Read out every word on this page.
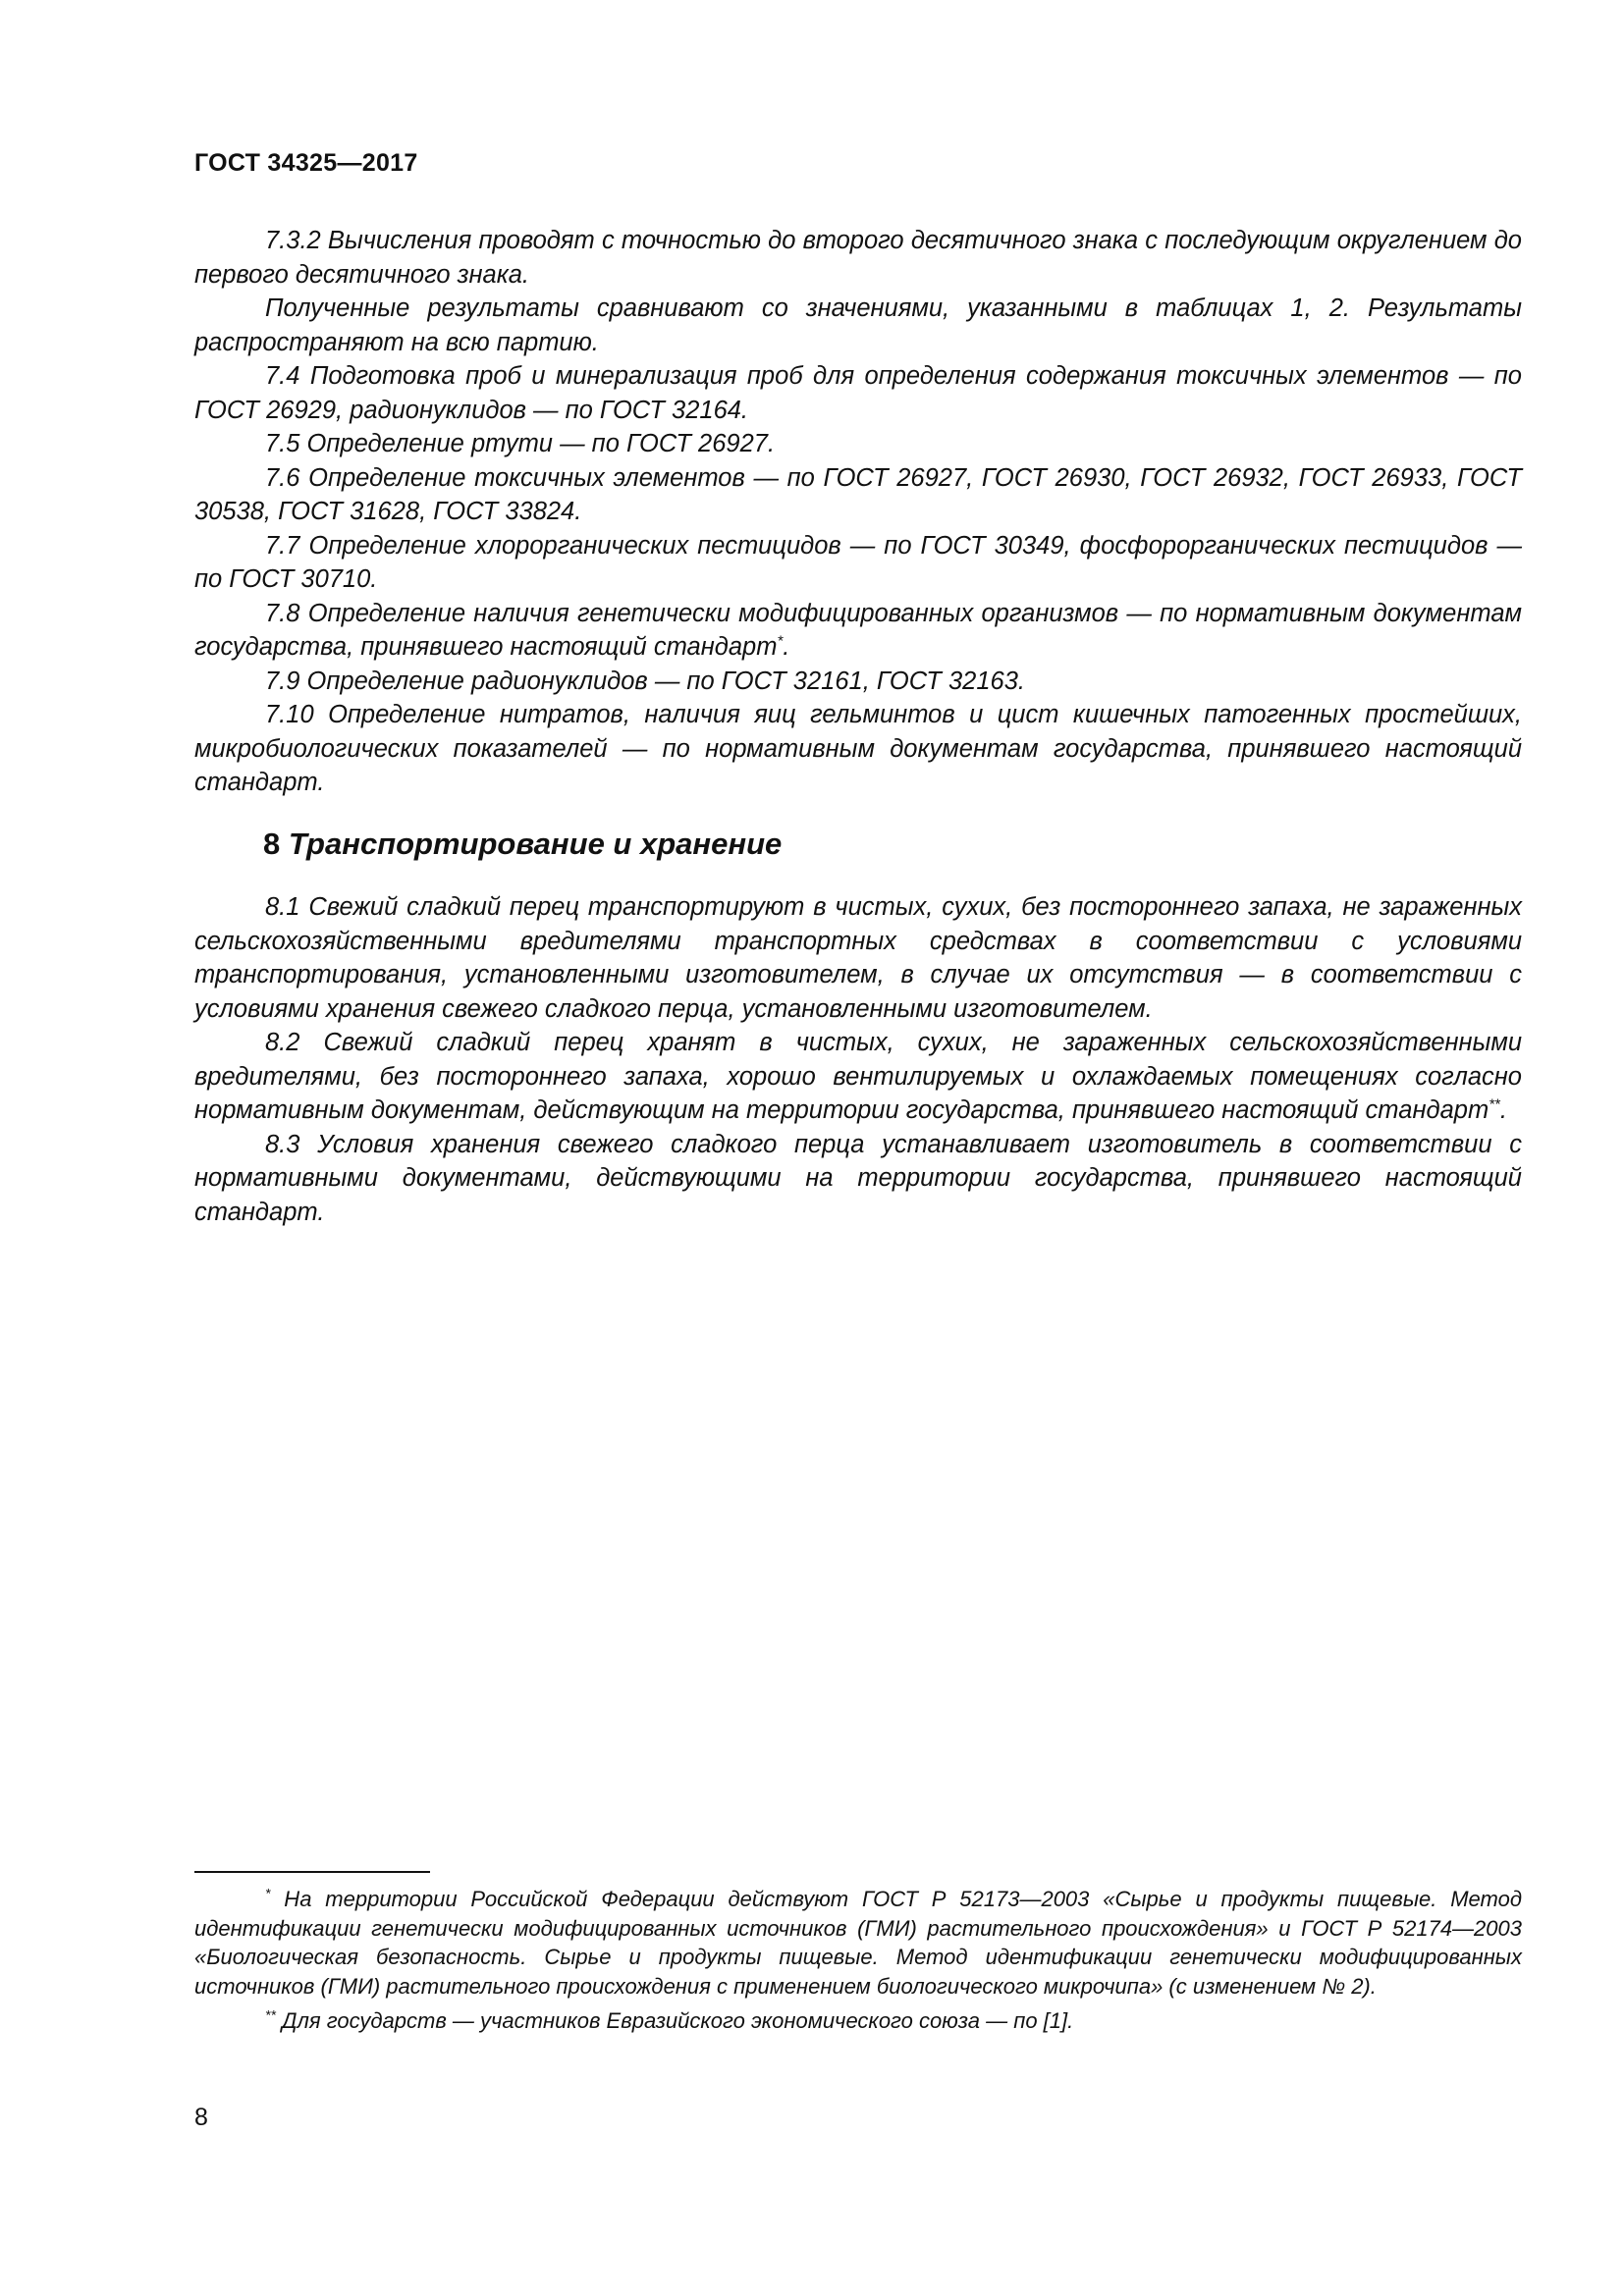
ГОСТ 34325—2017

7.3.2 Вычисления проводят с точностью до второго десятичного знака с последующим округлением до первого десятичного знака.

Полученные результаты сравнивают со значениями, указанными в таблицах 1, 2. Результаты распространяют на всю партию.

7.4 Подготовка проб и минерализация проб для определения содержания токсичных элементов — по ГОСТ 26929, радионуклидов — по ГОСТ 32164.

7.5 Определение ртути — по ГОСТ 26927.

7.6 Определение токсичных элементов — по ГОСТ 26927, ГОСТ 26930, ГОСТ 26932, ГОСТ 26933, ГОСТ 30538, ГОСТ 31628, ГОСТ 33824.

7.7 Определение хлорорганических пестицидов — по ГОСТ 30349, фосфорорганических пестицидов — по ГОСТ 30710.

7.8 Определение наличия генетически модифицированных организмов — по нормативным документам государства, принявшего настоящий стандарт*.

7.9 Определение радионуклидов — по ГОСТ 32161, ГОСТ 32163.

7.10 Определение нитратов, наличия яиц гельминтов и цист кишечных патогенных простейших, микробиологических показателей — по нормативным документам государства, принявшего настоящий стандарт.

8 Транспортирование и хранение

8.1 Свежий сладкий перец транспортируют в чистых, сухих, без постороннего запаха, не зараженных сельскохозяйственными вредителями транспортных средствах в соответствии с условиями транспортирования, установленными изготовителем, в случае их отсутствия — в соответствии с условиями хранения свежего сладкого перца, установленными изготовителем.

8.2 Свежий сладкий перец хранят в чистых, сухих, не зараженных сельскохозяйственными вредителями, без постороннего запаха, хорошо вентилируемых и охлаждаемых помещениях согласно нормативным документам, действующим на территории государства, принявшего настоящий стандарт**.

8.3 Условия хранения свежего сладкого перца устанавливает изготовитель в соответствии с нормативными документами, действующими на территории государства, принявшего настоящий стандарт.

* На территории Российской Федерации действуют ГОСТ Р 52173—2003 «Сырье и продукты пищевые. Метод идентификации генетически модифицированных источников (ГМИ) растительного происхождения» и ГОСТ Р 52174—2003 «Биологическая безопасность. Сырье и продукты пищевые. Метод идентификации генетически модифицированных источников (ГМИ) растительного происхождения с применением биологического микрочипа» (с изменением № 2).

** Для государств — участников Евразийского экономического союза — по [1].

8
